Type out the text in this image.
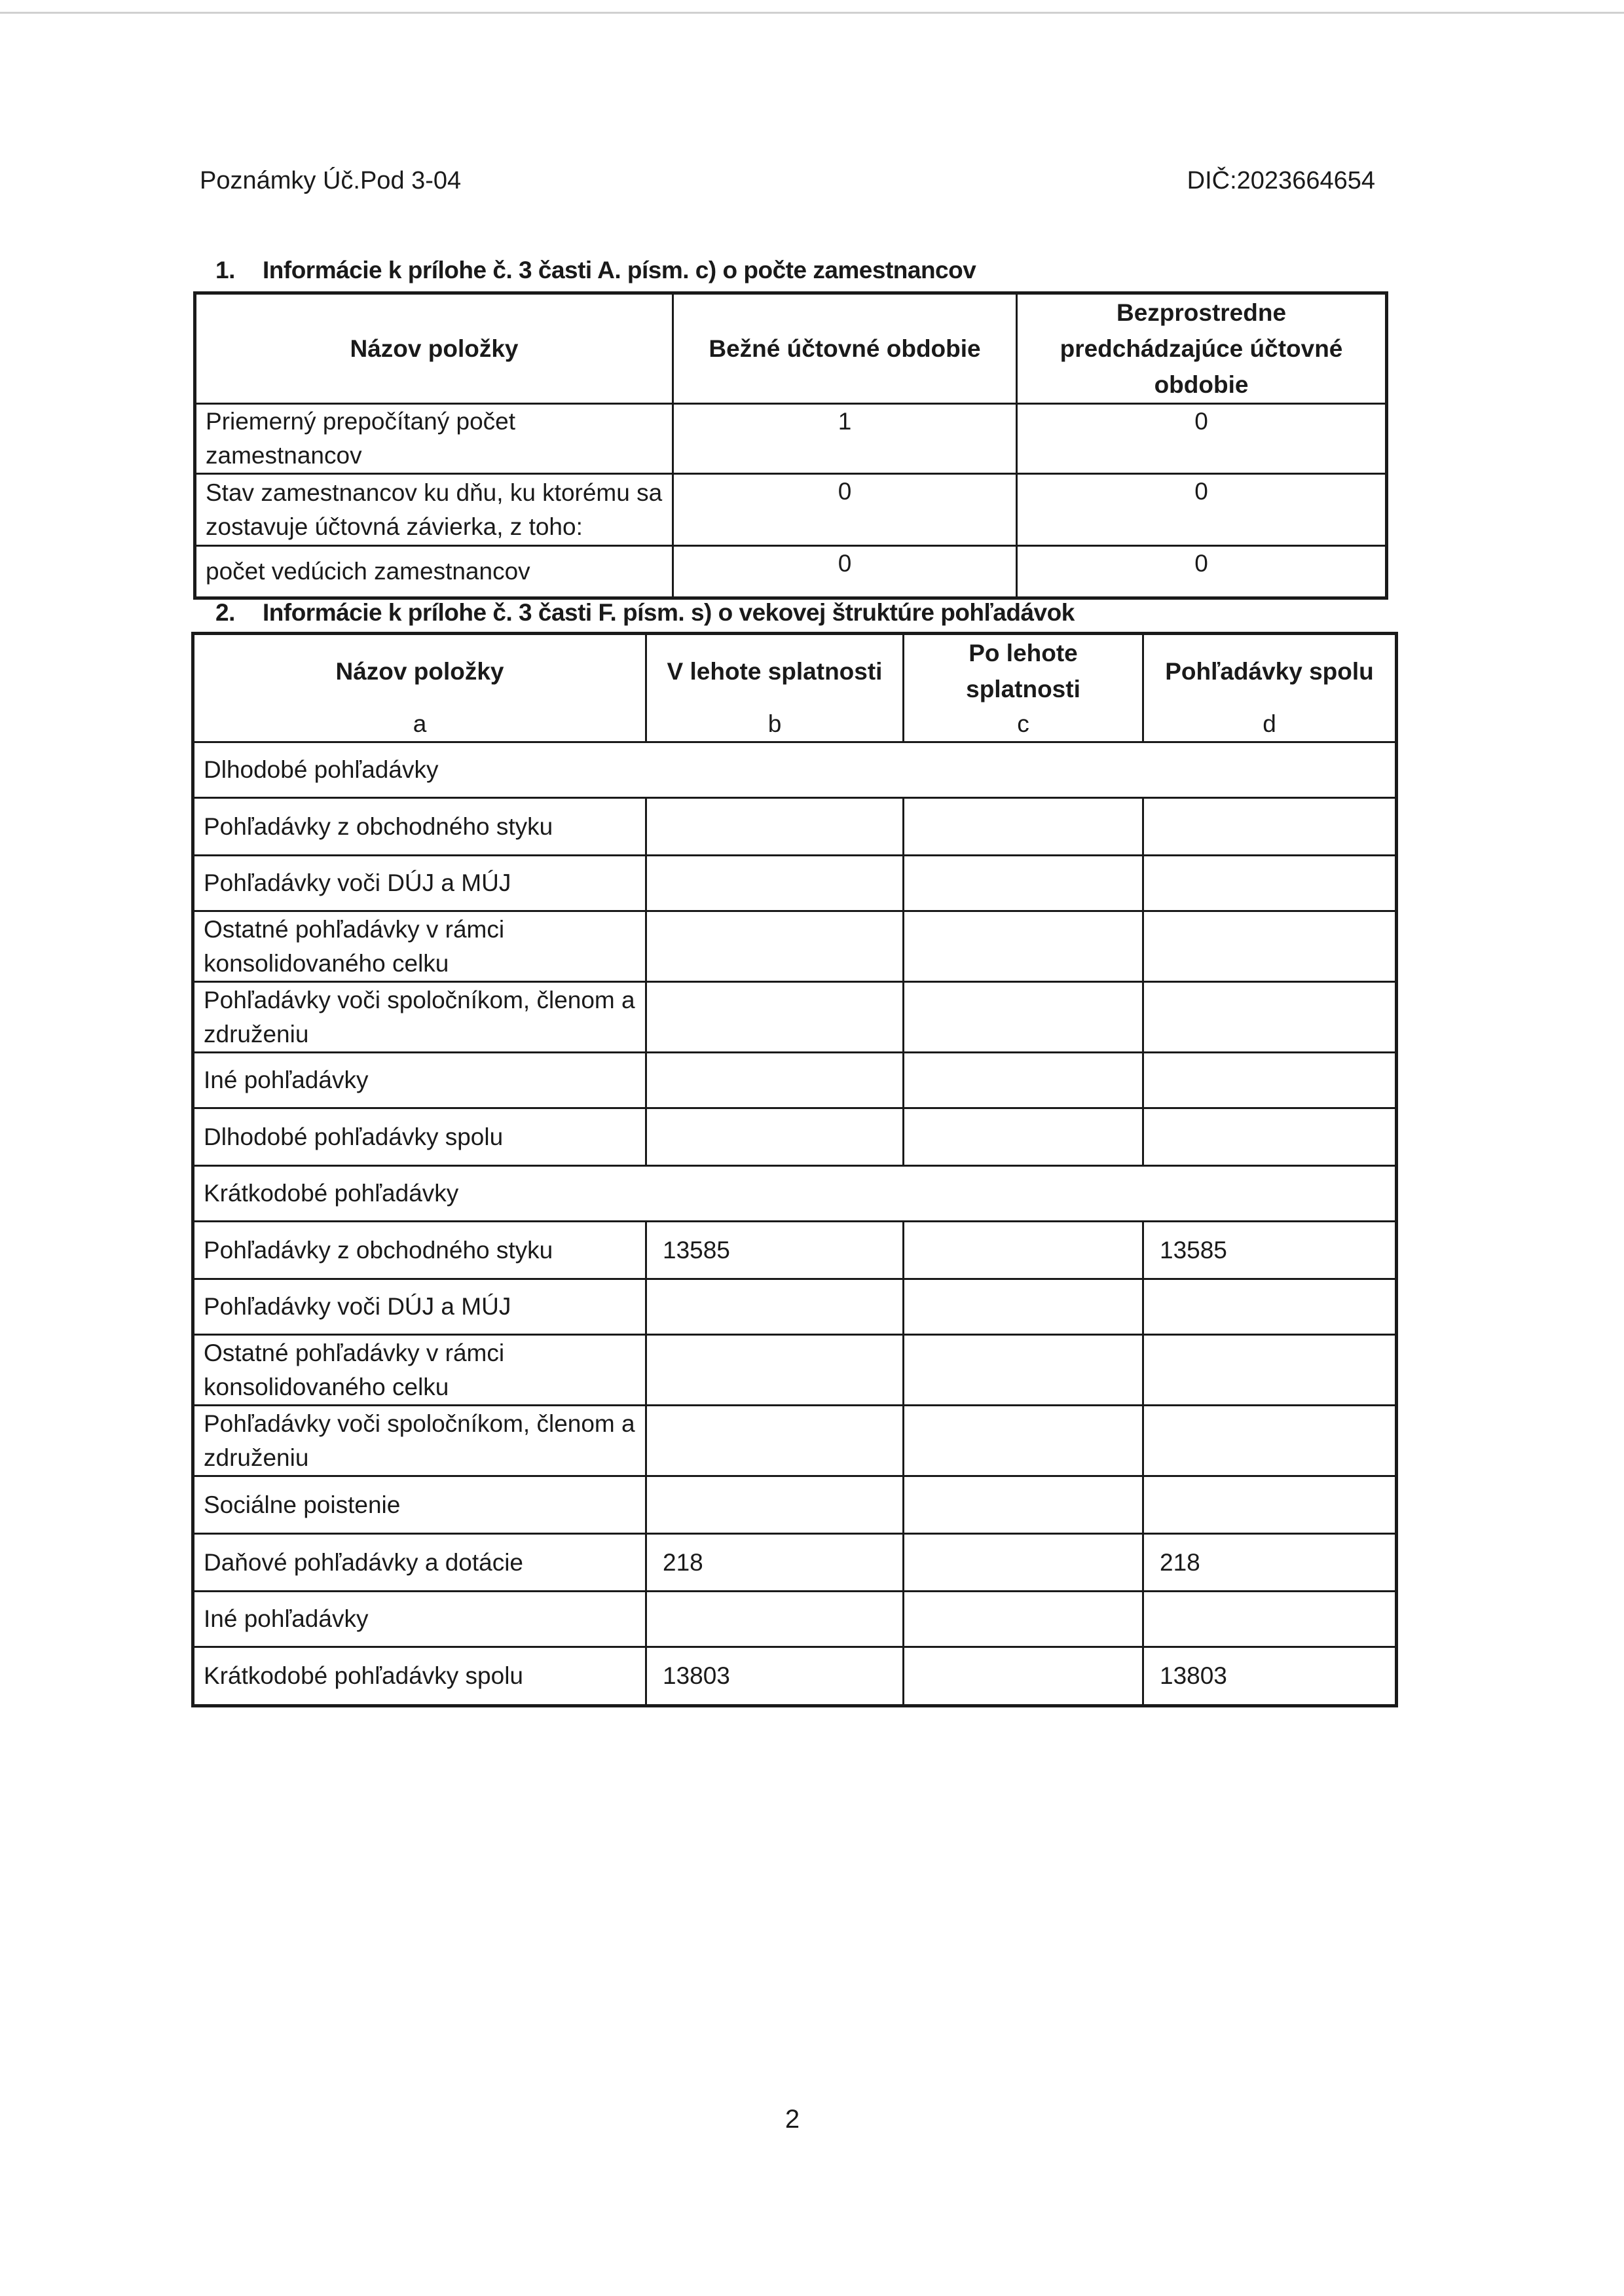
Poznámky Úč.Pod 3-04	DIČ:2023664654
1. Informácie k prílohe č. 3 časti A. písm. c) o počte zamestnancov
Názov položky	Bežné účtovné obdobie	Bezprostredne predchádzajúce účtovné obdobie
Priemerný prepočítaný počet zamestnancov	1	0
Stav zamestnancov ku dňu, ku ktorému sa zostavuje účtovná závierka, z toho:	0	0
počet vedúcich zamestnancov	0	0
2. Informácie k prílohe č. 3 časti F. písm. s) o vekovej štruktúre pohľadávok
Názov položky	V lehote splatnosti	Po lehote splatnosti	Pohľadávky spolu
a	b	c	d
Dlhodobé pohľadávky			
Pohľadávky z obchodného styku			
Pohľadávky voči DÚJ a MÚJ			
Ostatné pohľadávky v rámci konsolidovaného celku			
Pohľadávky voči spoločníkom, členom a združeniu			
Iné pohľadávky			
Dlhodobé pohľadávky spolu			
Krátkodobé pohľadávky			
Pohľadávky z obchodného styku	13585		13585
Pohľadávky voči DÚJ a MÚJ			
Ostatné pohľadávky v rámci konsolidovaného celku			
Pohľadávky voči spoločníkom, členom a združeniu			
Sociálne poistenie			
Daňové pohľadávky a dotácie	218		218
Iné pohľadávky			
Krátkodobé pohľadávky spolu	13803		13803
2
